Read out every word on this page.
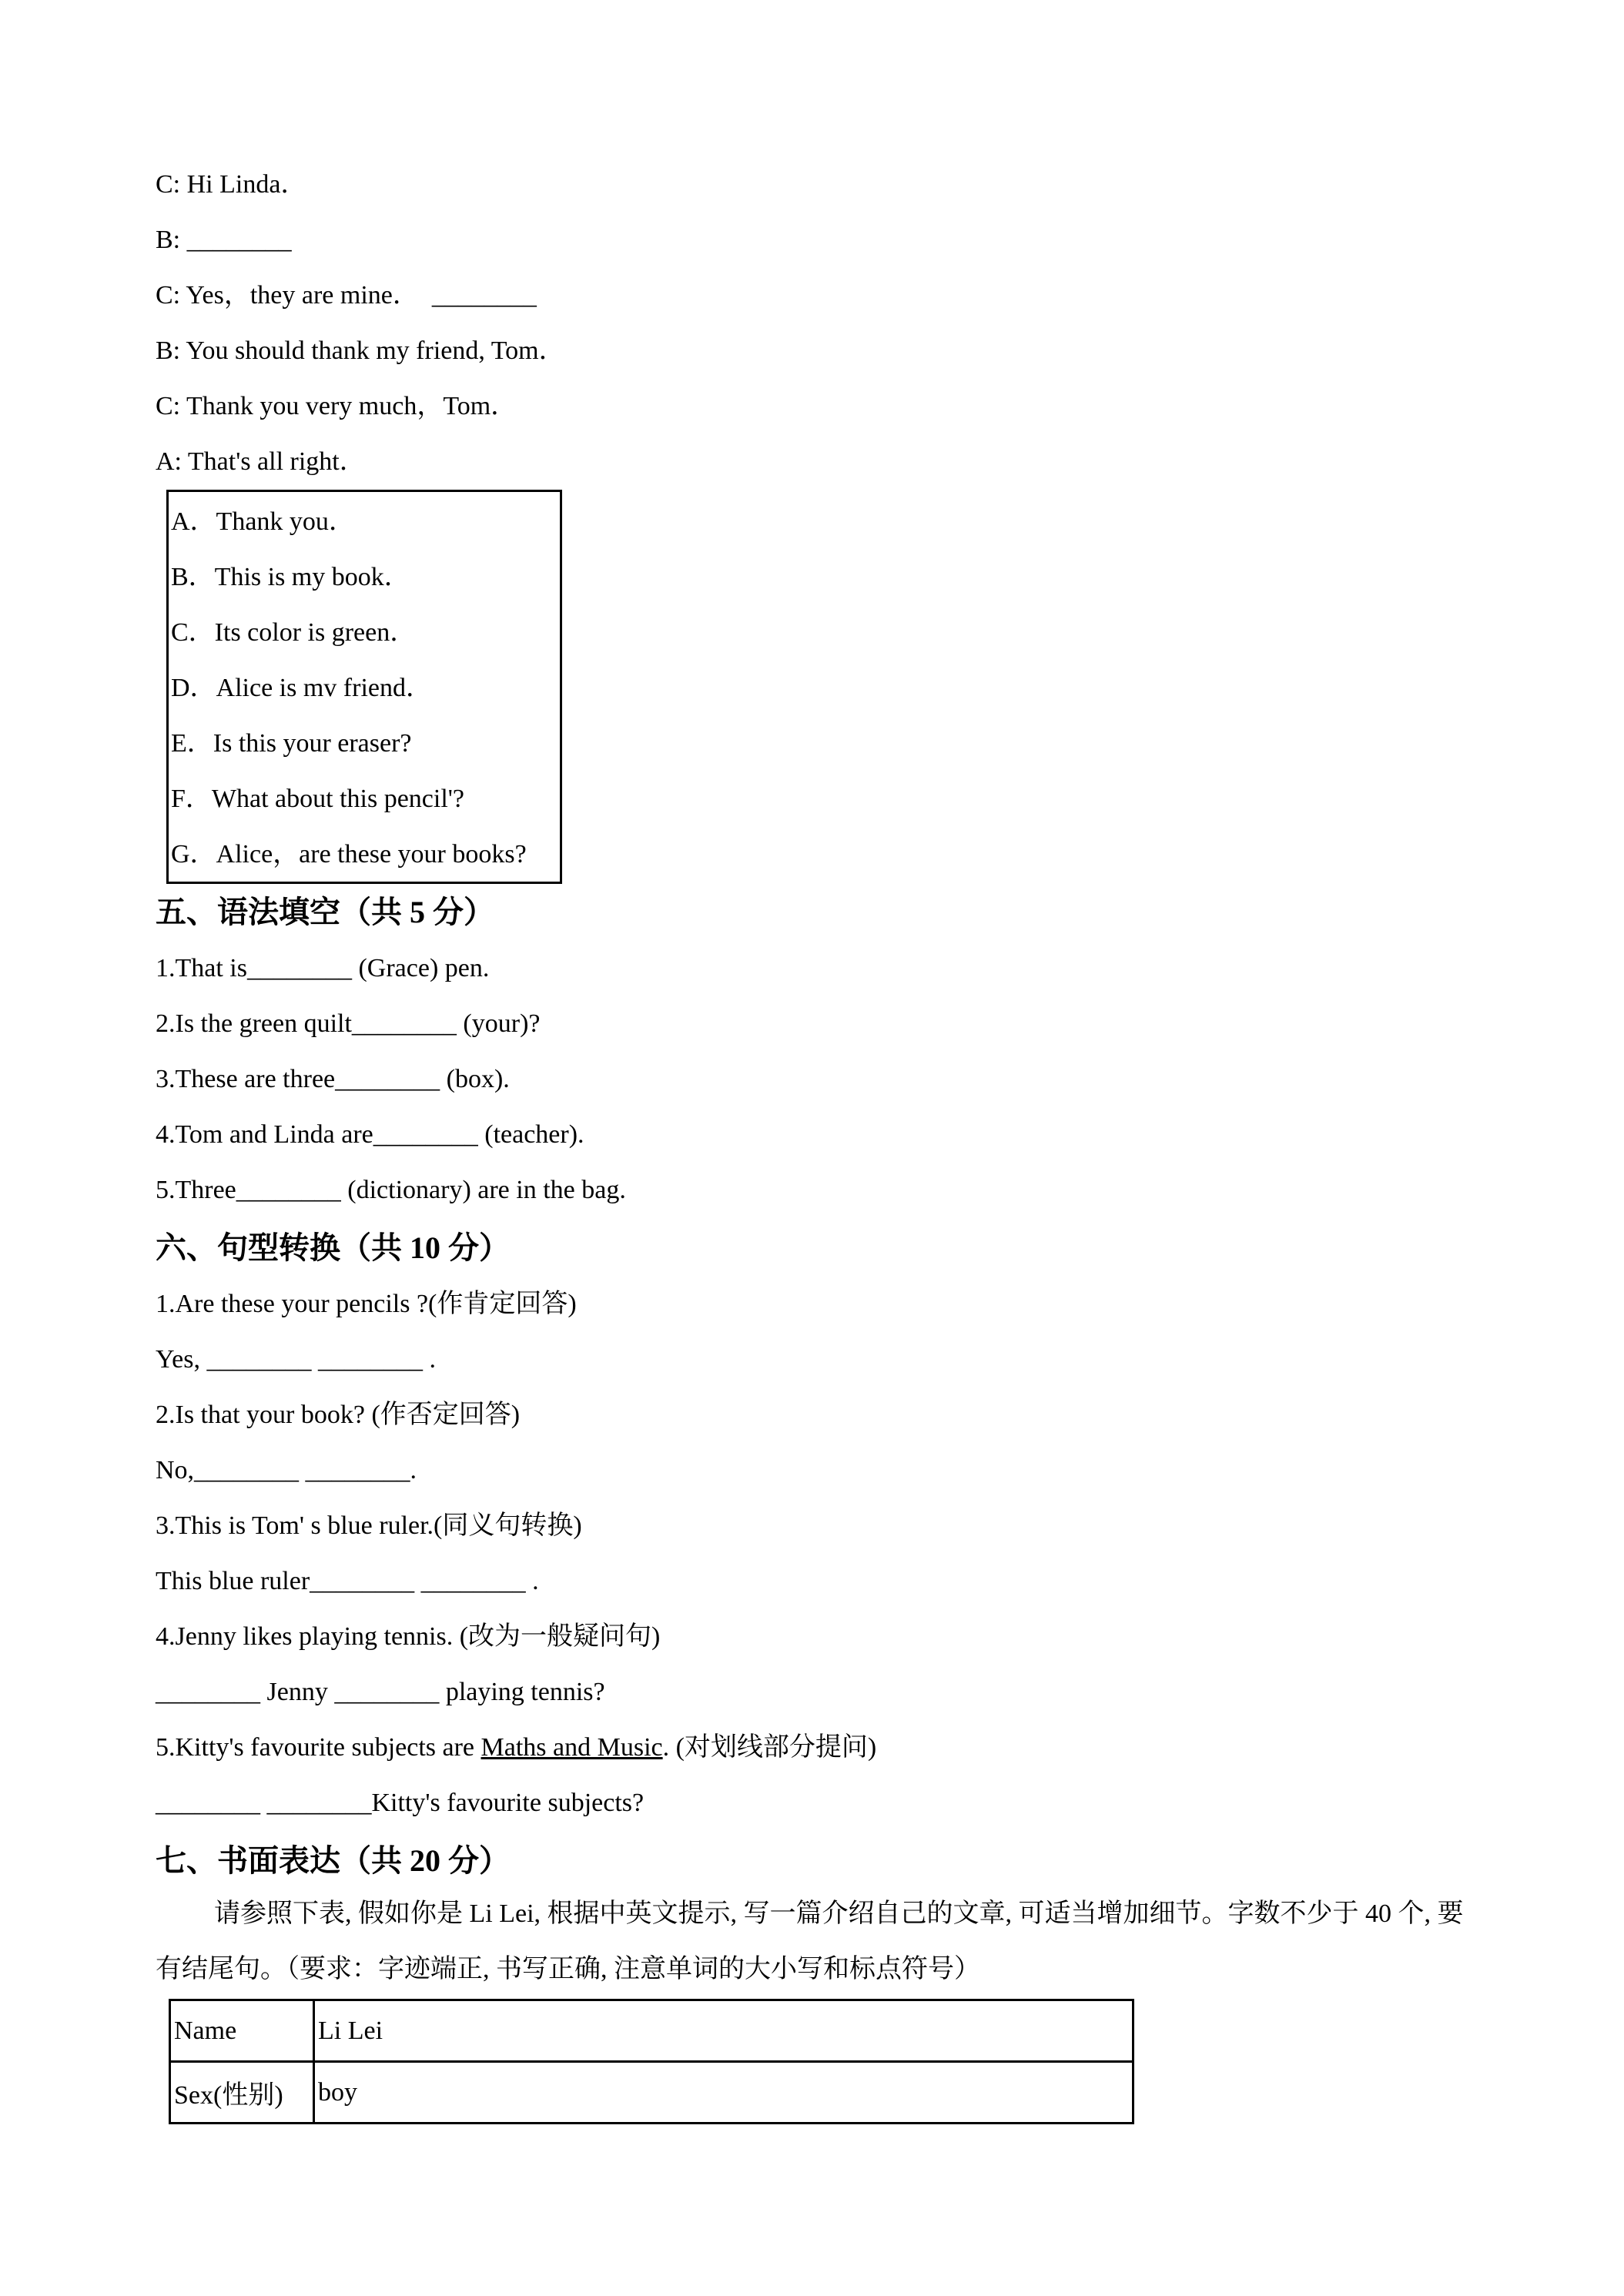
C: Hi Linda．
B: ________
C: Yes，they are mine．  ________
B: You should thank my friend, Tom．
C: Thank you very much，Tom．
A: That's all right．
A．Thank you．
B．This is my book．
C．Its color is green．
D．Alice is mv friend．
E．Is this your eraser?
F．What about this pencil'?
G．Alice，are these your books?
五、语法填空（共 5 分）
1.That is________ (Grace) pen.
2.Is the green quilt________ (your)?
3.These are three________ (box).
4.Tom and Linda are________ (teacher).
5.Three________ (dictionary) are in the bag.
六、句型转换（共 10 分）
1.Are these your pencils ?(作肯定回答)
Yes, ________ ________ .
2.Is that your book? (作否定回答)
No,________ ________.
3.This is Tom' s blue ruler.(同义句转换)
This blue ruler________ ________ .
4.Jenny likes playing tennis. (改为一般疑问句)
________ Jenny ________ playing tennis?
5.Kitty's favourite subjects are Maths and Music. (对划线部分提问)
________ ________Kitty's favourite subjects?
七、书面表达（共 20 分）
请参照下表, 假如你是 Li Lei, 根据中英文提示, 写一篇介绍自己的文章, 可适当增加细节。字数不少于 40 个, 要有结尾句。（要求：字迹端正, 书写正确, 注意单词的大小写和标点符号）
Name	Li Lei
Sex(性别)	boy
